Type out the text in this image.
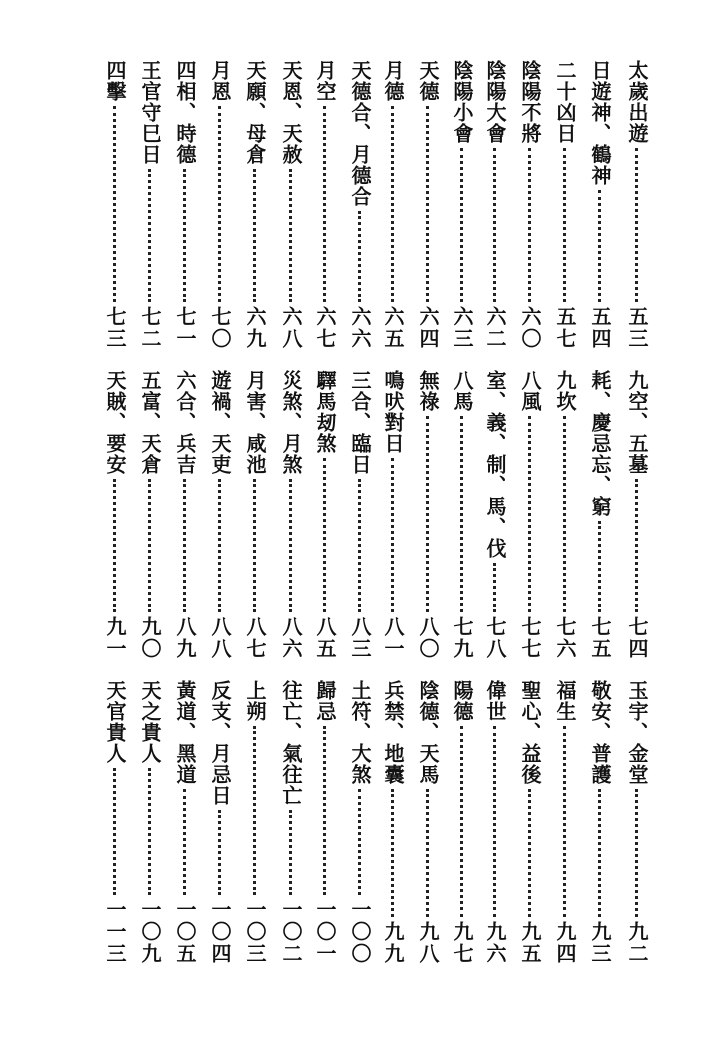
太歲出遊
五三
日遊神、鶴神
五四
二十凶日
五七
陰陽不將
六〇
陰陽大會
六二
陰陽小會
六三
天德
六四
月德
六五
天德合、月德合
六六
月空
六七
天恩、天赦
六八
天願、母倉
六九
月恩
七〇
四相、時德
七一
王官守巳日
七二
四擊
七三
九空、五墓
七四
耗、慶忌忘、窮
七五
九坎
七六
八風
七七
室、義、制、馬、伐
七八
八馬
七九
無祿
八〇
鳴吠對日
八一
三合、臨日
八三
驛馬刼煞
八五
災煞、月煞
八六
月害、咸池
八七
遊禍、天吏
八八
六合、兵吉
八九
五富、天倉
九〇
天賊、要安
九一
玉宇、金堂
九二
敬安、普護
九三
福生
九四
聖心、益後
九五
偉世
九六
陽德
九七
陰德、天馬
九八
兵禁、地囊
九九
土符、大煞
一〇〇
歸忌
一〇一
往亡、氣往亡
一〇二
上朔
一〇三
反支、月忌日
一〇四
黃道、黑道
一〇五
天之貴人
一〇九
天官貴人
一一三
